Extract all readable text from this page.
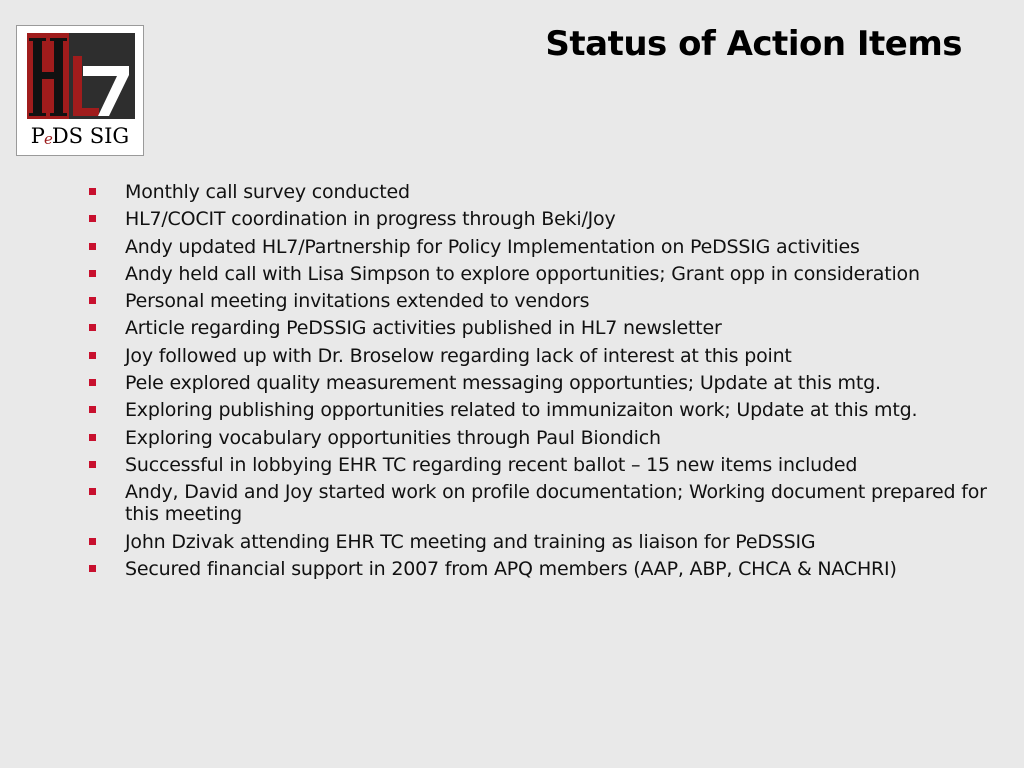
PeDS SIG
Status of Action Items
Monthly call survey conducted
HL7/COCIT coordination in progress through Beki/Joy
Andy updated HL7/Partnership for Policy Implementation on PeDSSIG activities
Andy held call with Lisa Simpson to explore opportunities; Grant opp in consideration
Personal meeting invitations extended to vendors
Article regarding PeDSSIG activities published in HL7 newsletter
Joy followed up with Dr. Broselow regarding lack of interest at this point
Pele explored quality measurement messaging opportunties; Update at this mtg.
Exploring publishing opportunities related to immunizaiton work; Update at this mtg.
Exploring vocabulary opportunities through Paul Biondich
Successful in lobbying EHR TC regarding recent ballot – 15 new items included
Andy, David and Joy started work on profile documentation; Working document prepared for this meeting
John Dzivak attending EHR TC meeting and training as liaison for PeDSSIG
Secured financial support in 2007 from APQ members (AAP, ABP, CHCA & NACHRI)
